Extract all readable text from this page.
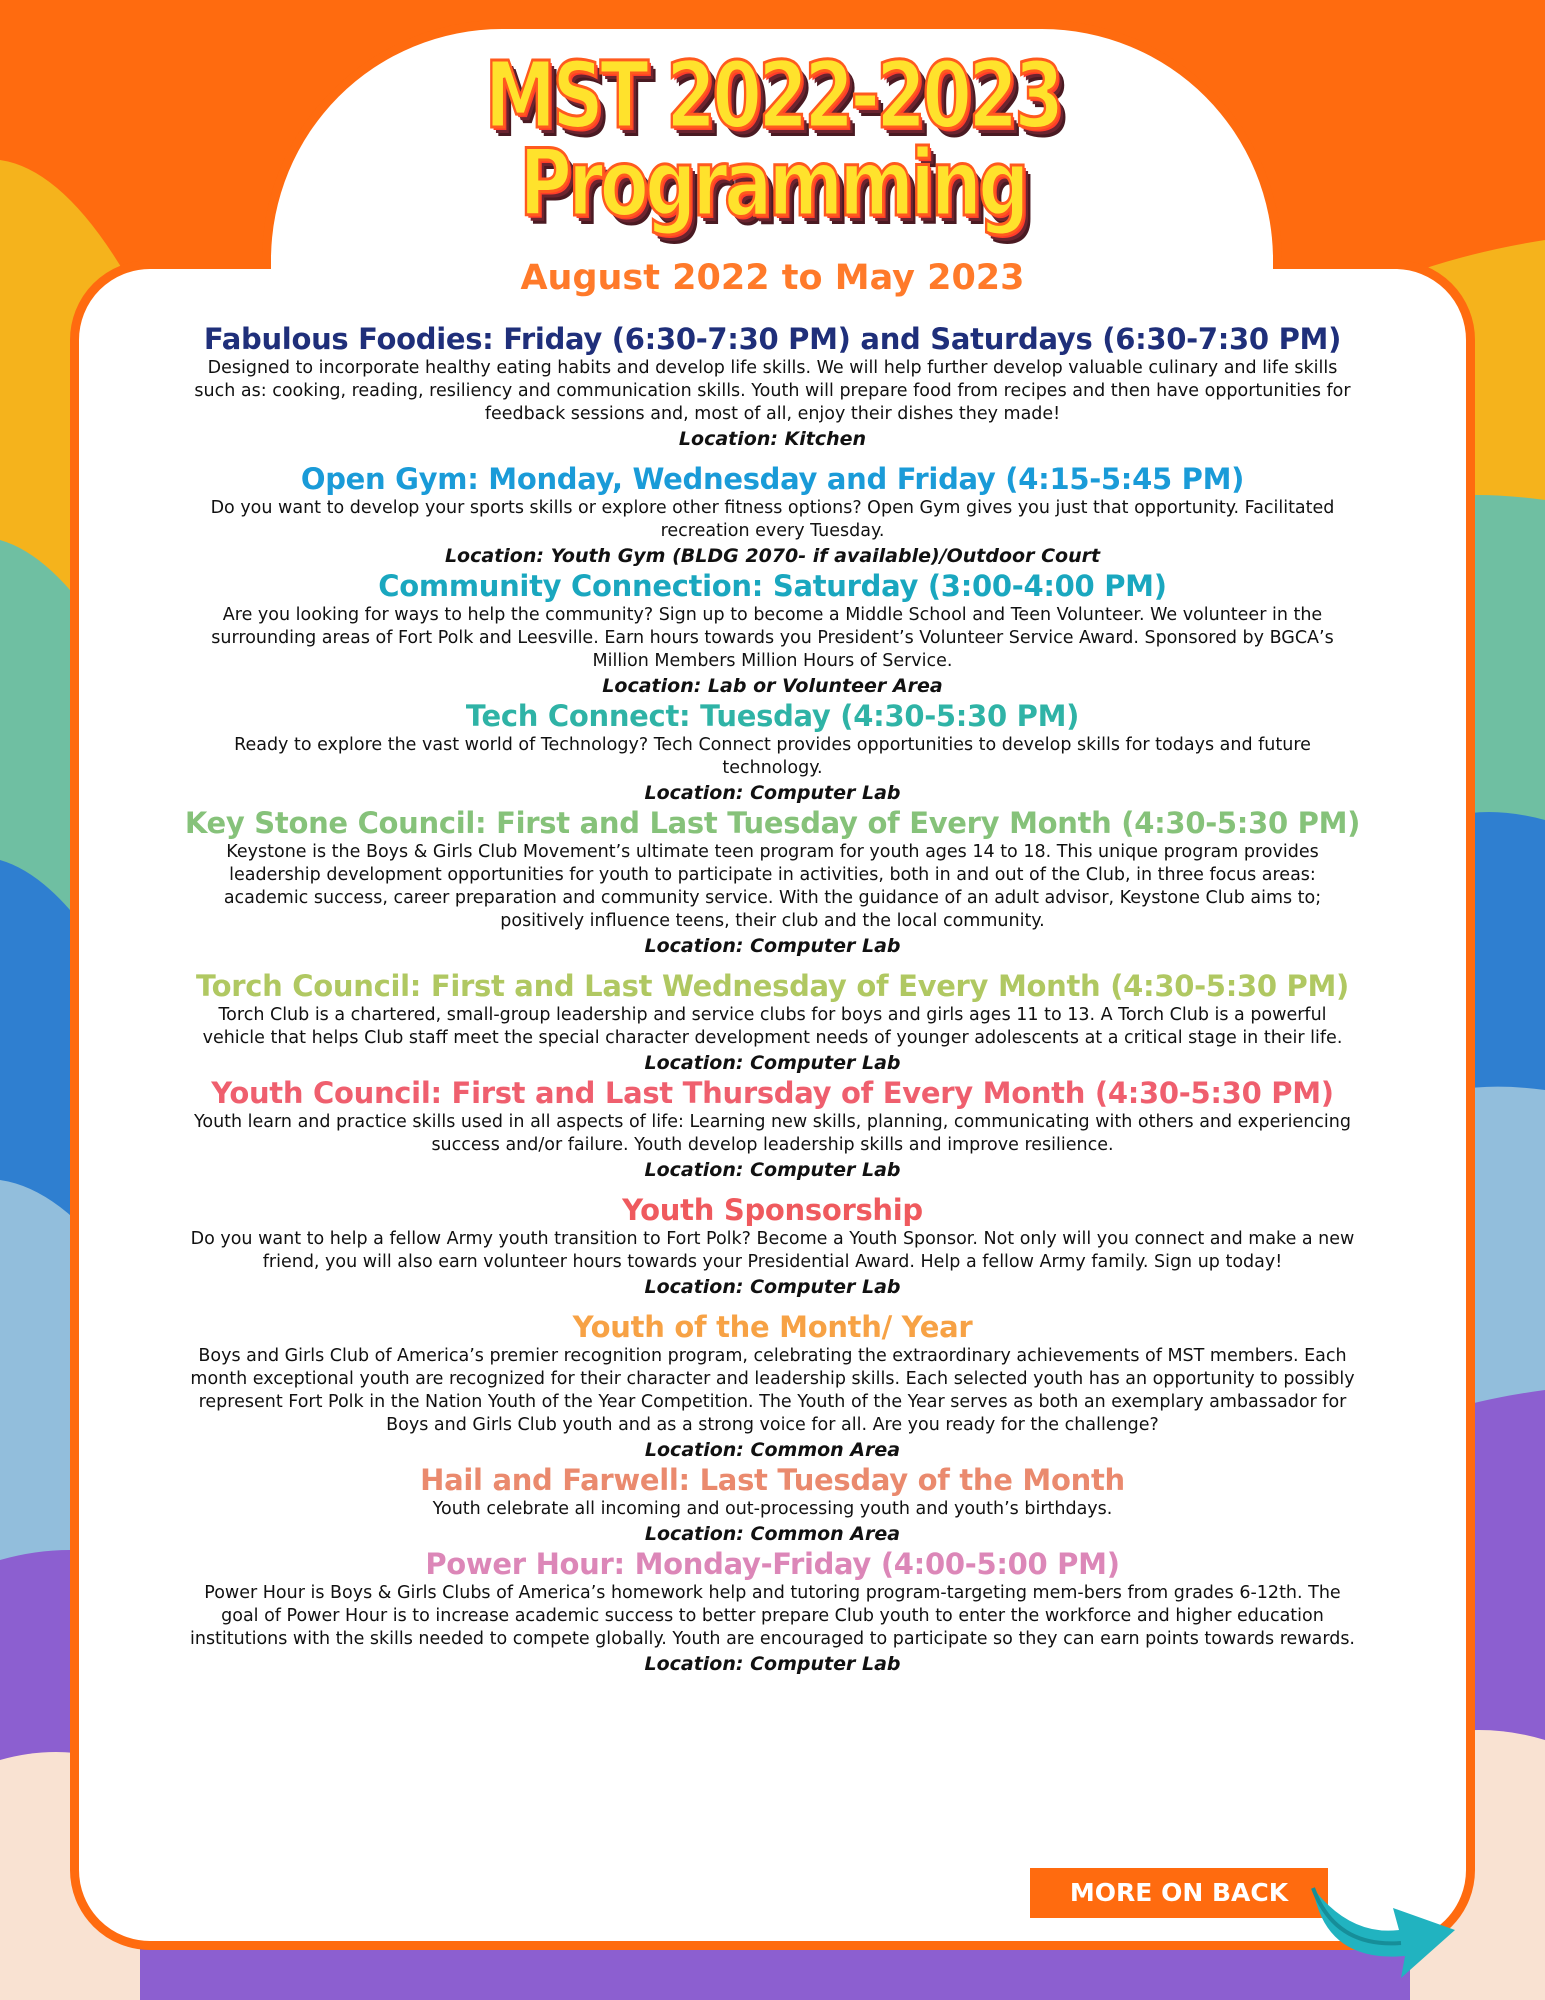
MST 2022-2023
Programming
August 2022 to May 2023
Fabulous Foodies: Friday (6:30-7:30 PM) and Saturdays (6:30-7:30 PM)

Designed to incorporate healthy eating habits and develop life skills. We will help further develop valuable culinary and life skills such as: cooking, reading, resiliency and communication skills. Youth will prepare food from recipes and then have opportunities for feedback sessions and, most of all, enjoy their dishes they made!

Location: Kitchen
Open Gym: Monday, Wednesday and Friday (4:15-5:45 PM)

Do you want to develop your sports skills or explore other fitness options? Open Gym gives you just that opportunity. Facilitated recreation every Tuesday.

Location: Youth Gym (BLDG 2070- if available)/Outdoor Court
Community Connection: Saturday (3:00-4:00 PM)

Are you looking for ways to help the community? Sign up to become a Middle School and Teen Volunteer. We volunteer in the surrounding areas of Fort Polk and Leesville. Earn hours towards you President’s Volunteer Service Award. Sponsored by BGCA’s Million Members Million Hours of Service.

Location: Lab or Volunteer Area
Tech Connect: Tuesday (4:30-5:30 PM)

Ready to explore the vast world of Technology? Tech Connect provides opportunities to develop skills for todays and future technology.

Location: Computer Lab
Key Stone Council: First and Last Tuesday of Every Month (4:30-5:30 PM)

Keystone is the Boys & Girls Club Movement’s ultimate teen program for youth ages 14 to 18. This unique program provides leadership development opportunities for youth to participate in activities, both in and out of the Club, in three focus areas: academic success, career preparation and community service. With the guidance of an adult advisor, Keystone Club aims to; positively influence teens, their club and the local community.

Location: Computer Lab
Torch Council: First and Last Wednesday of Every Month (4:30-5:30 PM)

Torch Club is a chartered, small-group leadership and service clubs for boys and girls ages 11 to 13. A Torch Club is a powerful vehicle that helps Club staff meet the special character development needs of younger adolescents at a critical stage in their life.

Location: Computer Lab
Youth Council: First and Last Thursday of Every Month (4:30-5:30 PM)

Youth learn and practice skills used in all aspects of life: Learning new skills, planning, communicating with others and experiencing success and/or failure. Youth develop leadership skills and improve resilience.

Location: Computer Lab
Youth Sponsorship

Do you want to help a fellow Army youth transition to Fort Polk? Become a Youth Sponsor. Not only will you connect and make a new friend, you will also earn volunteer hours towards your Presidential Award. Help a fellow Army family. Sign up today!

Location: Computer Lab
Youth of the Month/ Year

Boys and Girls Club of America’s premier recognition program, celebrating the extraordinary achievements of MST members. Each month exceptional youth are recognized for their character and leadership skills. Each selected youth has an opportunity to possibly represent Fort Polk in the Nation Youth of the Year Competition. The Youth of the Year serves as both an exemplary ambassador for Boys and Girls Club youth and as a strong voice for all. Are you ready for the challenge?

Location: Common Area
Hail and Farwell: Last Tuesday of the Month

Youth celebrate all incoming and out-processing youth and youth’s birthdays.

Location: Common Area
Power Hour: Monday-Friday (4:00-5:00 PM)

Power Hour is Boys & Girls Clubs of America’s homework help and tutoring program-targeting mem-bers from grades 6-12th. The goal of Power Hour is to increase academic success to better prepare Club youth to enter the workforce and higher education institutions with the skills needed to compete globally. Youth are encouraged to participate so they can earn points towards rewards.

Location: Computer Lab
MORE ON BACK
